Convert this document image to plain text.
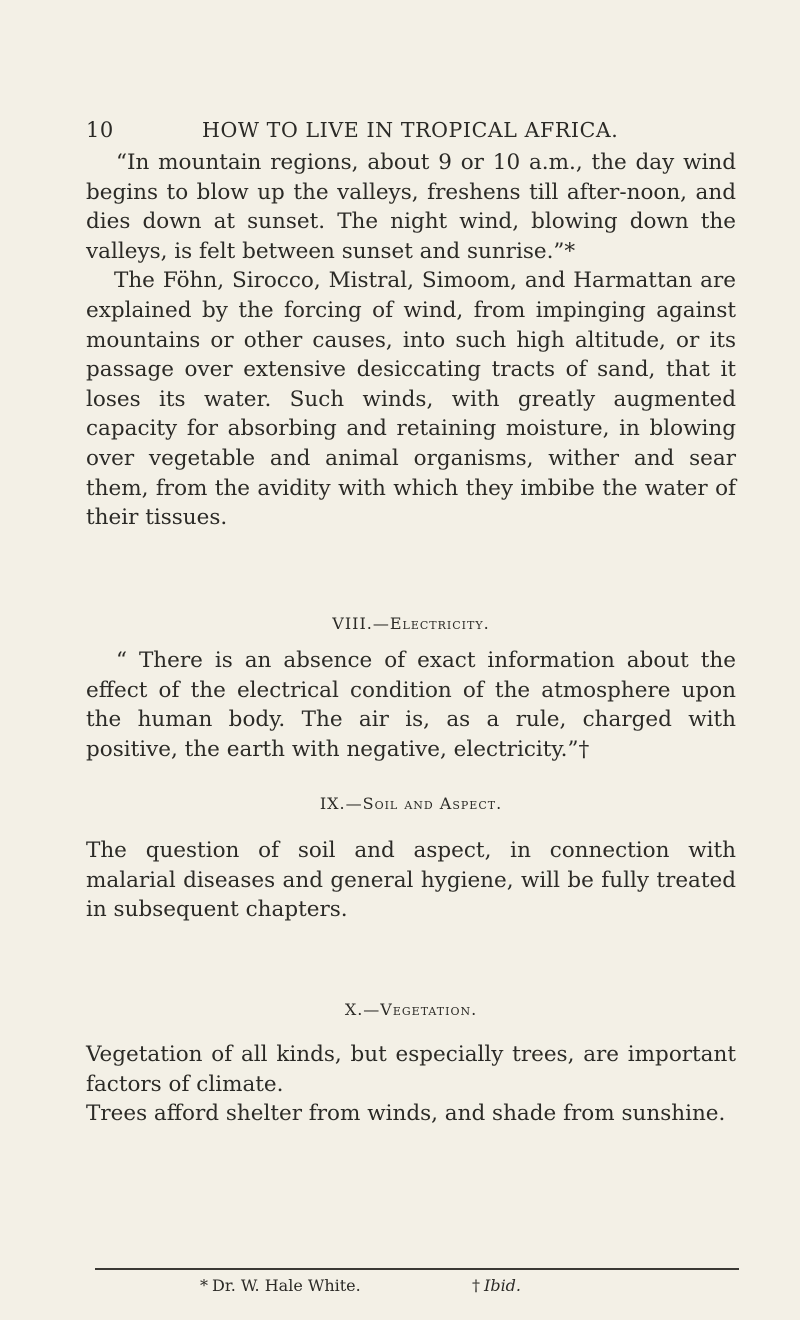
10	HOW TO LIVE IN TROPICAL AFRICA.

“In mountain regions, about 9 or 10 a.m., the day wind begins to blow up the valleys, freshens till after-noon, and dies down at sunset. The night wind, blowing down the valleys, is felt between sunset and sunrise.”*

The Föhn, Sirocco, Mistral, Simoom, and Harmattan are explained by the forcing of wind, from impinging against mountains or other causes, into such high altitude, or its passage over extensive desiccating tracts of sand, that it loses its water. Such winds, with greatly augmented capacity for absorbing and retaining moisture, in blowing over vegetable and animal organisms, wither and sear them, from the avidity with which they imbibe the water of their tissues.

VIII.—Electricity.

“ There is an absence of exact information about the effect of the electrical condition of the atmosphere upon the human body. The air is, as a rule, charged with positive, the earth with negative, electricity.”†

IX.—Soil and Aspect.

The question of soil and aspect, in connection with malarial diseases and general hygiene, will be fully treated in subsequent chapters.

X.—Vegetation.

Vegetation of all kinds, but especially trees, are important factors of climate.

Trees afford shelter from winds, and shade from sunshine.

* Dr. W. Hale White.	† Ibid.
